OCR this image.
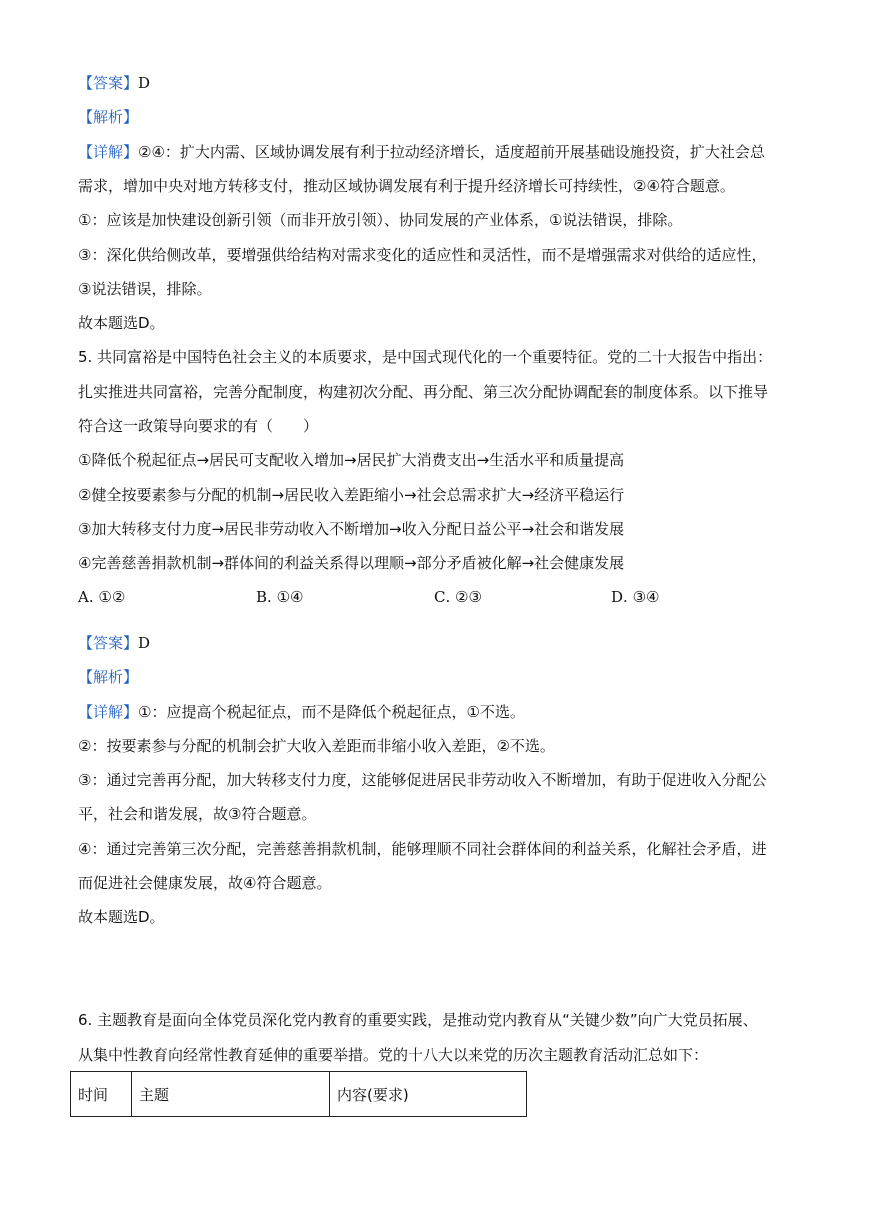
【答案】D
【解析】
【详解】②④：扩大内需、区域协调发展有利于拉动经济增长，适度超前开展基础设施投资，扩大社会总
需求，增加中央对地方转移支付，推动区域协调发展有利于提升经济增长可持续性，②④符合题意。
①：应该是加快建设创新引领（而非开放引领）、协同发展的产业体系，①说法错误，排除。
③：深化供给侧改革，要增强供给结构对需求变化的适应性和灵活性，而不是增强需求对供给的适应性，
③说法错误，排除。
故本题选D。
5. 共同富裕是中国特色社会主义的本质要求，是中国式现代化的一个重要特征。党的二十大报告中指出：
扎实推进共同富裕，完善分配制度，构建初次分配、再分配、第三次分配协调配套的制度体系。以下推导
符合这一政策导向要求的有（　　）
①降低个税起征点→居民可支配收入增加→居民扩大消费支出→生活水平和质量提高
②健全按要素参与分配的机制→居民收入差距缩小→社会总需求扩大→经济平稳运行
③加大转移支付力度→居民非劳动收入不断增加→收入分配日益公平→社会和谐发展
④完善慈善捐款机制→群体间的利益关系得以理顺→部分矛盾被化解→社会健康发展
A. ①②	B. ①④	C. ②③	D. ③④
【答案】D
【解析】
【详解】①：应提高个税起征点，而不是降低个税起征点，①不选。
②：按要素参与分配的机制会扩大收入差距而非缩小收入差距，②不选。
③：通过完善再分配，加大转移支付力度，这能够促进居民非劳动收入不断增加，有助于促进收入分配公
平，社会和谐发展，故③符合题意。
④：通过完善第三次分配，完善慈善捐款机制，能够理顺不同社会群体间的利益关系，化解社会矛盾，进
而促进社会健康发展，故④符合题意。
故本题选D。
6. 主题教育是面向全体党员深化党内教育的重要实践，是推动党内教育从“关键少数”向广大党员拓展、
从集中性教育向经常性教育延伸的重要举措。党的十八大以来党的历次主题教育活动汇总如下：
时间	主题	内容(要求)
